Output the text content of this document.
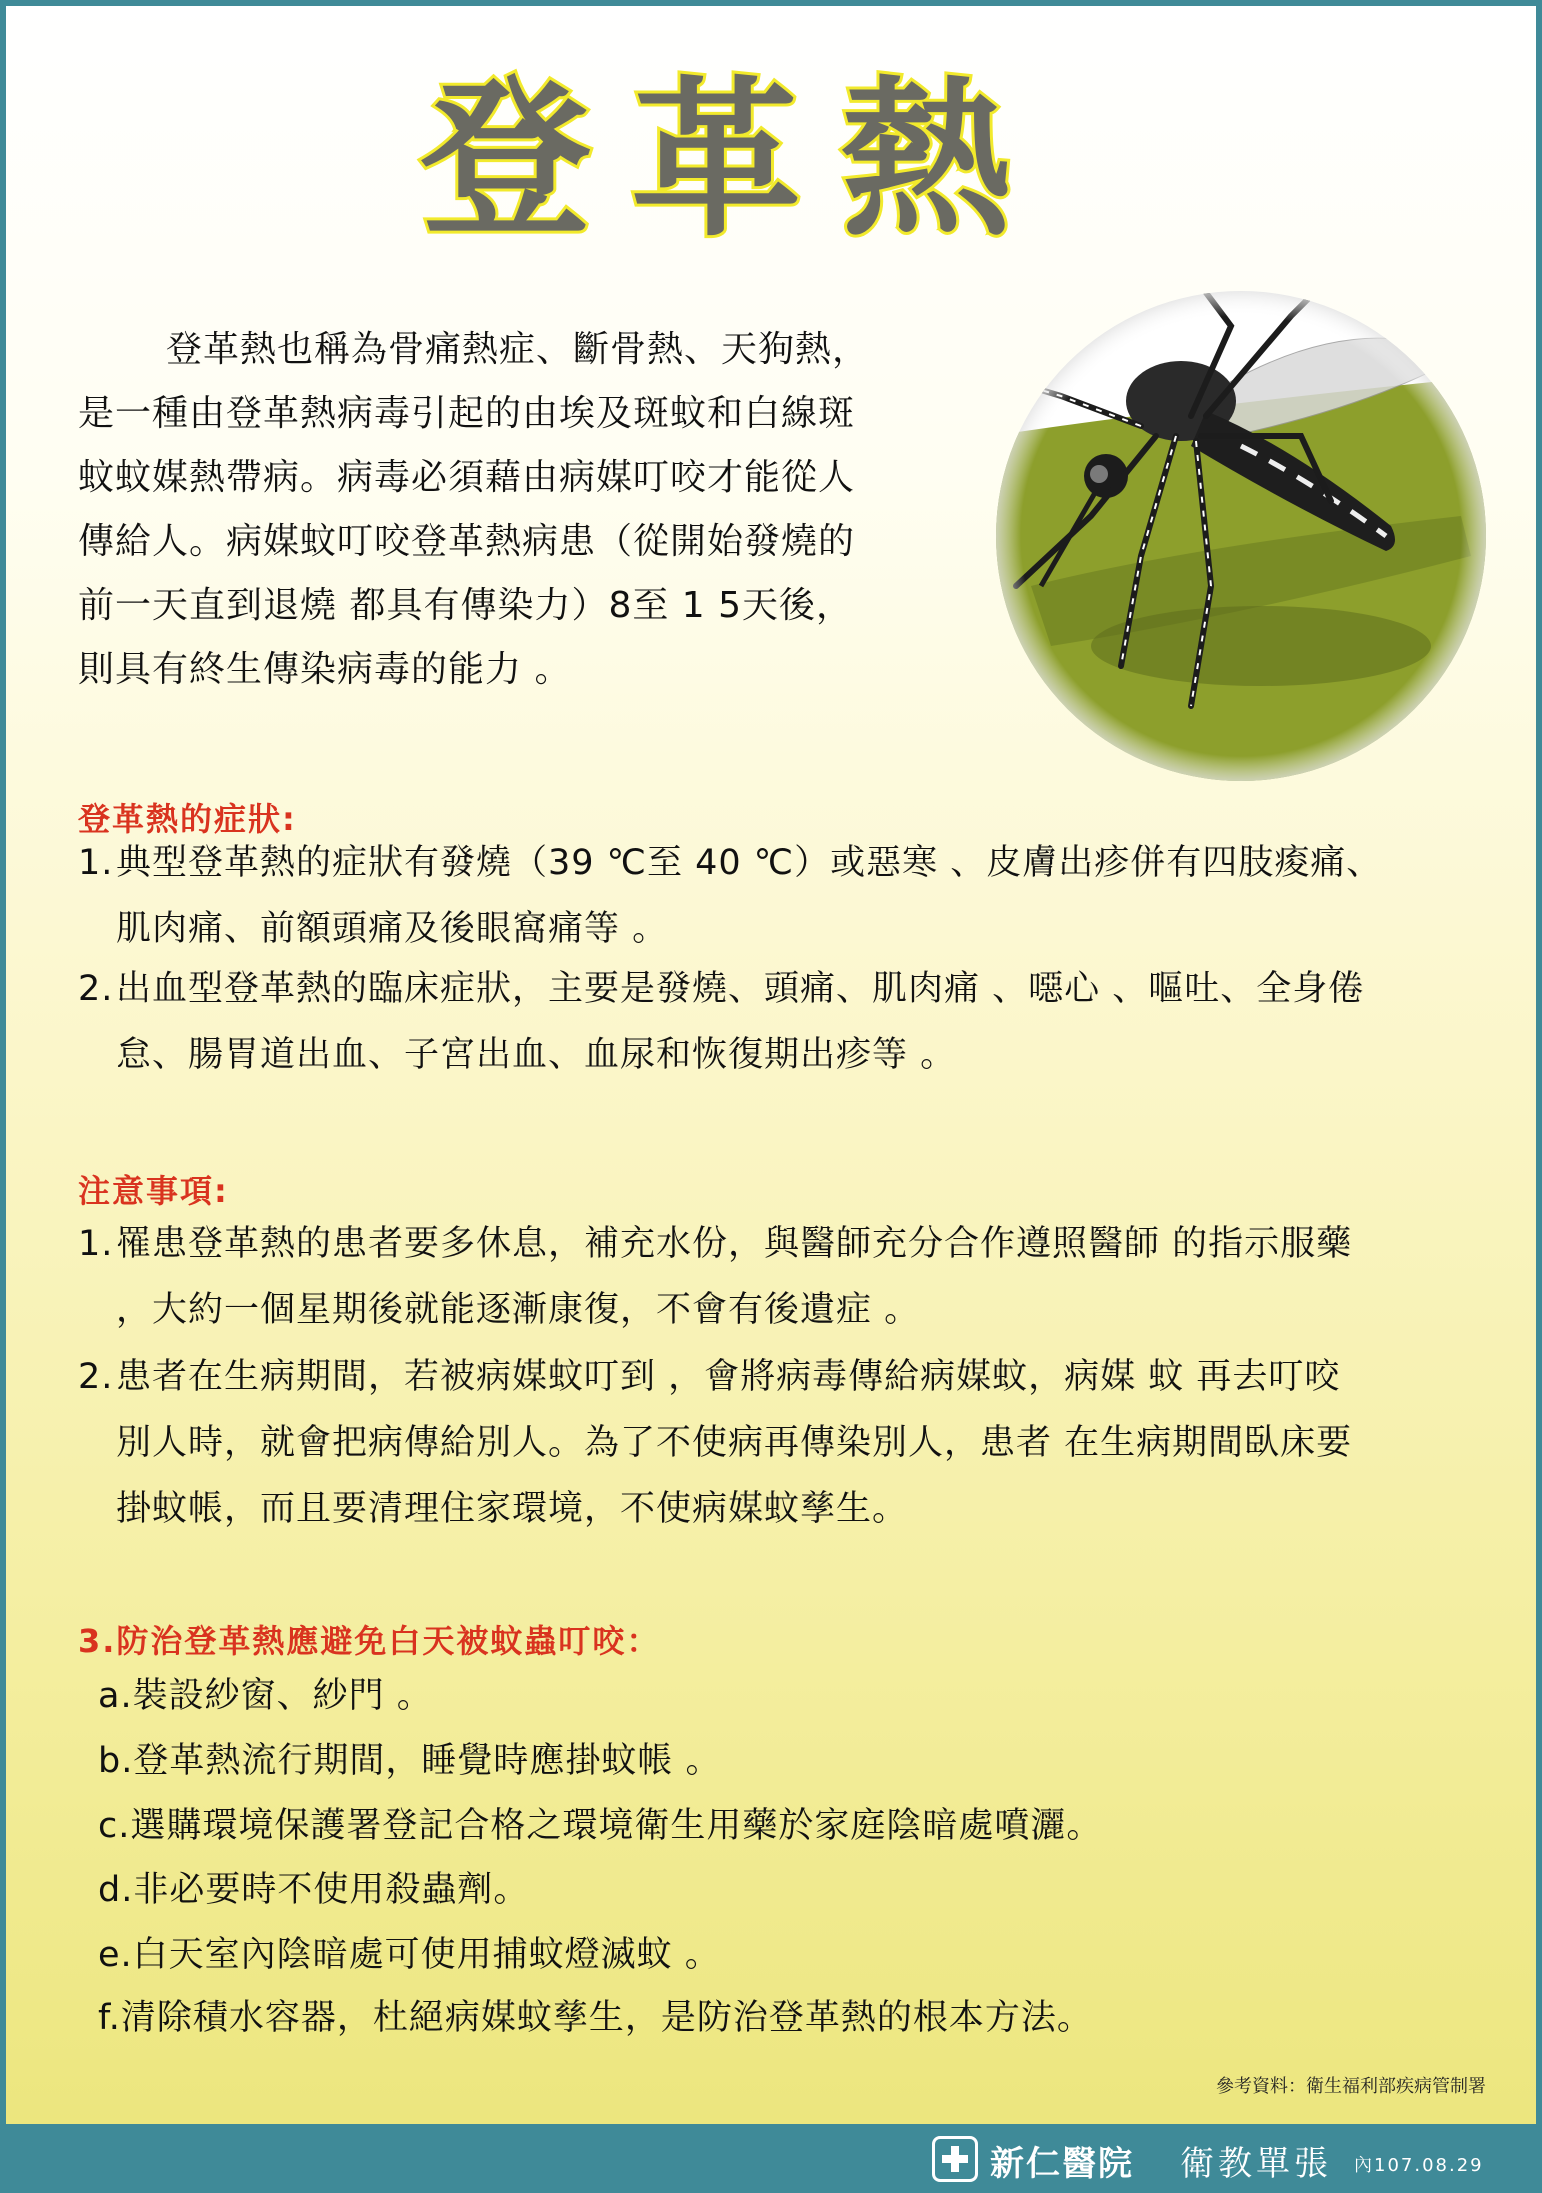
登革熱
登革熱也稱為骨痛熱症、斷骨熱、天狗熱，
是一種由登革熱病毒引起的由埃及斑蚊和白線斑
蚊蚊媒熱帶病。病毒必須藉由病媒叮咬才能從人
傳給人。病媒蚊叮咬登革熱病患（從開始發燒的
前一天直到退燒 都具有傳染力）8至 1 5天後，
則具有終生傳染病毒的能力 。
登革熱的症狀:
1. 典型登革熱的症狀有發燒（39 ℃至 40 ℃）或惡寒 、皮膚出疹併有四肢痠痛、
肌肉痛、前額頭痛及後眼窩痛等 。
2. 出血型登革熱的臨床症狀，主要是發燒、頭痛、肌肉痛 、噁心 、嘔吐、全身倦
怠、腸胃道出血、子宮出血、血尿和恢復期出疹等 。
注意事項:
1. 罹患登革熱的患者要多休息，補充水份，與醫師充分合作遵照醫師 的指示服藥
，大約一個星期後就能逐漸康復，不會有後遺症 。
2. 患者在生病期間，若被病媒蚊叮到 ，會將病毒傳給病媒蚊，病媒 蚊 再去叮咬
別人時，就會把病傳給別人。為了不使病再傳染別人，患者 在生病期間臥床要
掛蚊帳，而且要清理住家環境，不使病媒蚊孳生。
3.防治登革熱應避免白天被蚊蟲叮咬：
a.裝設紗窗、紗門 。
b.登革熱流行期間，睡覺時應掛蚊帳 。
c.選購環境保護署登記合格之環境衛生用藥於家庭陰暗處噴灑。
d.非必要時不使用殺蟲劑。
e.白天室內陰暗處可使用捕蚊燈滅蚊 。
f.清除積水容器，杜絕病媒蚊孳生，是防治登革熱的根本方法。
參考資料：衛生福利部疾病管制署
新仁醫院 衛教單張 內107.08.29
